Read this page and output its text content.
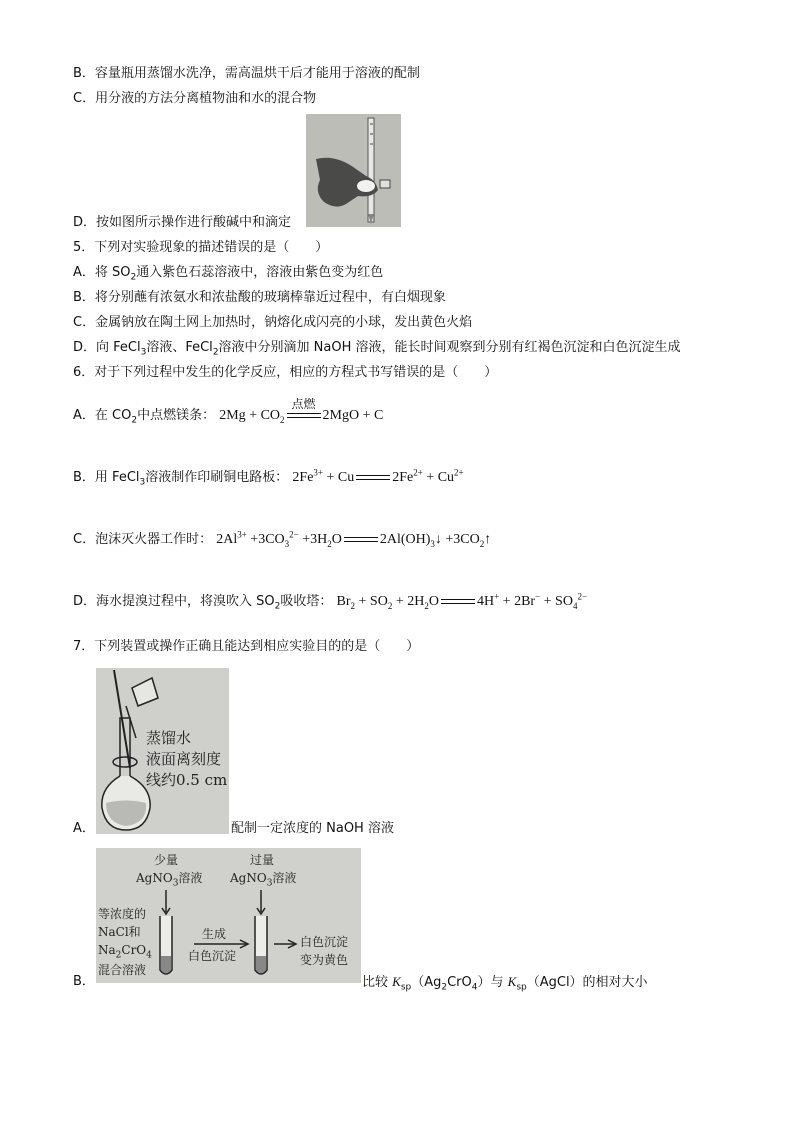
B．容量瓶用蒸馏水洗净，需高温烘干后才能用于溶液的配制
C．用分液的方法分离植物油和水的混合物
D．按如图所示操作进行酸碱中和滴定
5．下列对实验现象的描述错误的是（　　）
A．将 $SO_2$通入紫色石蕊溶液中，溶液由紫色变为红色
B．将分别蘸有浓氨水和浓盐酸的玻璃棒靠近过程中，有白烟现象
C．金属钠放在陶土网上加热时，钠熔化成闪亮的小球，发出黄色火焰
D．向 FeCl$_3$溶液、FeCl$_2$溶液中分别滴加 NaOH 溶液，能长时间观察到分别有红褐色沉淀和白色沉淀生成
6．对于下列过程中发生的化学反应，相应的方程式书写错误的是（　　）
A．在 $CO_2$中点燃镁条： $2Mg + CO_2$
点燃
2MgO + C
B．用 FeCl$_3$溶液制作印刷铜电路板： $2Fe^{3+} + Cu$	$2Fe^{2+} + Cu^{2+}$
C．泡沫灭火器工作时： $2Al^{3+} +3CO_3^{2-} +3H_2O$	$2Al(OH)_3↓$ $+3CO_2↑$
D．海水提溴过程中，将溴吹入 $SO_2$吸收塔： $Br_2 + SO_2 + 2H_2O$	$4H^+ + 2Br^- + SO_4^{2-}$
7．下列装置或操作正确且能达到相应实验目的的是（　　）
蒸馏水
液面离刻度
线约0.5 cm
A．	配制一定浓度的 NaOH 溶液
少量
AgNO$_3$溶液
过量
AgNO$_3$溶液
等浓度的
NaCl和
$Na_2CrO_4$
混合溶液
生成
白色沉淀
白色沉淀
变为黄色
B．	比较 $K_{sp}(Ag_2CrO_4)$与 $K_{sp}(AgCl)$的相对大小
